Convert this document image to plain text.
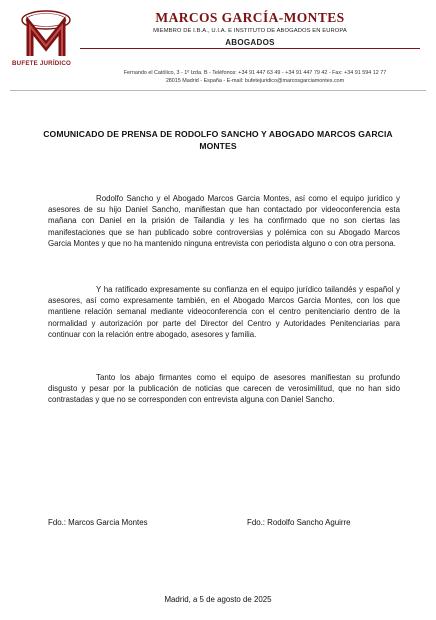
BUFETE JURÍDICO
MARCOS GARCÍA-MONTES
MIEMBRO DE I.B.A., U.I.A. E INSTITUTO DE ABOGADOS EN EUROPA
ABOGADOS
Fernando el Católico, 3 - 1º Izda. B - Teléfonos: +34 91 447 63 49 - +34 91 447 79 42 - Fax: +34 91 594 12 77
28015 Madrid - España - E-mail: bufetejuridico@marcosgarciamontes.com
COMUNICADO DE PRENSA DE RODOLFO SANCHO Y ABOGADO MARCOS GARCIA MONTES

Rodolfo Sancho y el Abogado Marcos Garcia Montes, así como el equipo jurídico y asesores de su hijo Daniel Sancho, manifiestan que han contactado por videoconferencia esta mañana con Daniel en la prisión de Tailandia y les ha confirmado que no son ciertas las manifestaciones que se han publicado sobre controversias y polémica con su Abogado Marcos Garcia Montes y que no ha mantenido ninguna entrevista con periodista alguno o con otra persona.

Y ha ratificado expresamente su confianza en el equipo jurídico tailandés y español y asesores, así como expresamente también, en el Abogado Marcos Garcia Montes, con los que mantiene relación semanal mediante videoconferencia con el centro penitenciario dentro de la normalidad y autorización por parte del Director del Centro y Autoridades Penitenciarias para continuar con la relación entre abogado, asesores y familia.

Tanto los abajo firmantes como el equipo de asesores manifiestan su profundo disgusto y pesar por la publicación de noticias que carecen de verosimilitud, que no han sido contrastadas y que no se corresponden con entrevista alguna con Daniel Sancho.

Fdo.: Marcos Garcia Montes	Fdo.: Rodolfo Sancho Aguirre
Madrid, a 5 de agosto de 2025
